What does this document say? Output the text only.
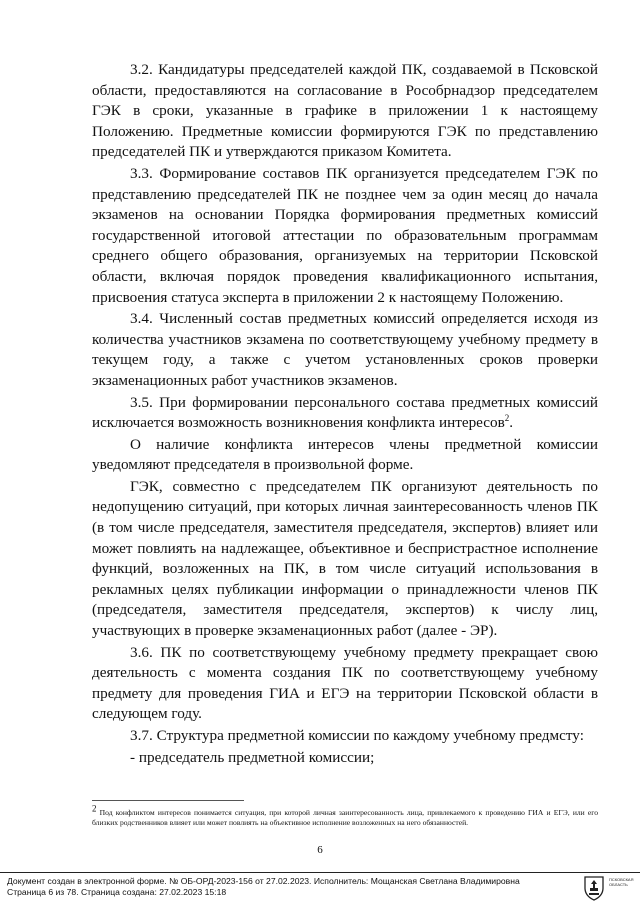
3.2. Кандидатуры председателей каждой ПК, создаваемой в Псковской области, предоставляются на согласование в Рособрнадзор председателем ГЭК в сроки, указанные в графике в приложении 1 к настоящему Положению. Предметные комиссии формируются ГЭК по представлению председателей ПК и утверждаются приказом Комитета.

3.3. Формирование составов ПК организуется председателем ГЭК по представлению председателей ПК не позднее чем за один месяц до начала экзаменов на основании Порядка формирования предметных комиссий государственной итоговой аттестации по образовательным программам среднего общего образования, организуемых на территории Псковской области, включая порядок проведения квалификационного испытания, присвоения статуса эксперта в приложении 2 к настоящему Положению.

3.4. Численный состав предметных комиссий определяется исходя из количества участников экзамена по соответствующему учебному предмету в текущем году, а также с учетом установленных сроков проверки экзаменационных работ участников экзаменов.

3.5. При формировании персонального состава предметных комиссий исключается возможность возникновения конфликта интересов$^2$.

О наличие конфликта интересов члены предметной комиссии уведомляют председателя в произвольной форме.

ГЭК, совместно с председателем ПК организуют деятельность по недопущению ситуаций, при которых личная заинтересованность членов ПК (в том числе председателя, заместителя председателя, экспертов) влияет или может повлиять на надлежащее, объективное и беспристрастное исполнение функций, возложенных на ПК, в том числе ситуаций использования в рекламных целях публикации информации о принадлежности членов ПК (председателя, заместителя председателя, экспертов) к числу лиц, участвующих в проверке экзаменационных работ (далее - ЭР).

3.6. ПК по соответствующему учебному предмету прекращает свою деятельность с момента создания ПК по соответствующему учебному предмету для проведения ГИА и ЕГЭ на территории Псковской области в следующем году.

3.7. Структура предметной комиссии по каждому учебному предмсту:

- председатель предметной комиссии;

$^2$ Под конфликтом интересов понимается ситуация, при которой личная заинтересованность лица, привлекаемого к проведению ГИА и ЕГЭ, или его близких родственников влияет или может повлиять на объективное исполнение возложенных на него обязанностей.

6
Документ создан в электронной форме. № ОБ-ОРД-2023-156 от 27.02.2023. Исполнитель: Мощанская Светлана Владимировна
Страница 6 из 78. Страница создана: 27.02.2023 15:18
ПСКОВСКАЯ ОБЛАСТЬ
